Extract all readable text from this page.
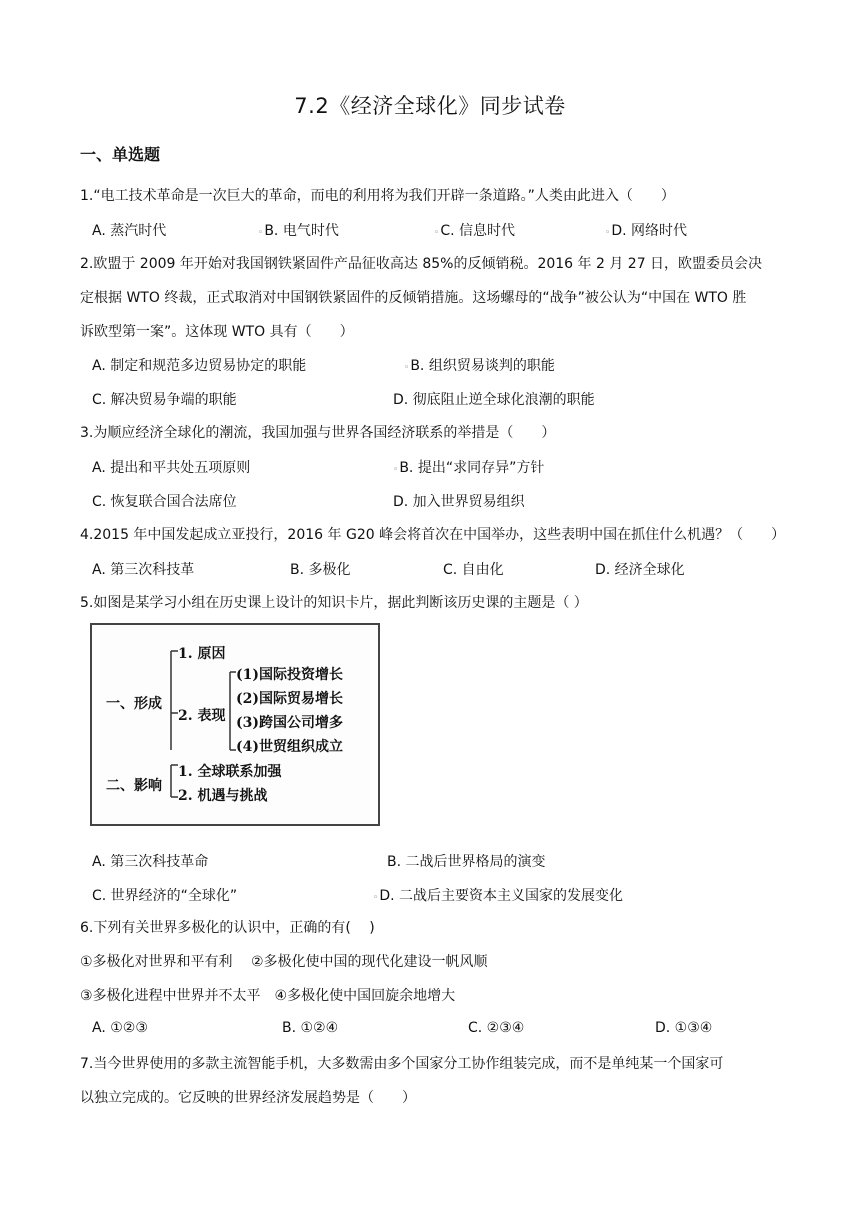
7.2《经济全球化》同步试卷
一、单选题
1.“电工技术革命是一次巨大的革命，而电的利用将为我们开辟一条道路。”人类由此进入（　　）
A. 蒸汽时代	◦B. 电气时代	◦C. 信息时代	◦D. 网络时代
2.欧盟于 2009 年开始对我国钢铁紧固件产品征收高达 85%的反倾销税。2016 年 2 月 27 日，欧盟委员会决
定根据 WTO 终裁，正式取消对中国钢铁紧固件的反倾销措施。这场螺母的“战争”被公认为“中国在 WTO 胜
诉欧型第一案”。这体现 WTO 具有（　　）
A. 制定和规范多边贸易协定的职能	◦B. 组织贸易谈判的职能
C. 解决贸易争端的职能	D. 彻底阻止逆全球化浪潮的职能
3.为顺应经济全球化的潮流，我国加强与世界各国经济联系的举措是（　　）
A. 提出和平共处五项原则	◦B. 提出“求同存异”方针
C. 恢复联合国合法席位	D. 加入世界贸易组织
4.2015 年中国发起成立亚投行，2016 年 G20 峰会将首次在中国举办，这些表明中国在抓住什么机遇？（　　）
A. 第三次科技革	B. 多极化	C. 自由化	D. 经济全球化
5.如图是某学习小组在历史课上设计的知识卡片，据此判断该历史课的主题是（ ）
一、形成
1. 原因
2. 表现
(1)国际投资增长
(2)国际贸易增长
(3)跨国公司增多
(4)世贸组织成立
二、影响
1. 全球联系加强
2. 机遇与挑战
A. 第三次科技革命	B. 二战后世界格局的演变
C. 世界经济的“全球化”	◦D. 二战后主要资本主义国家的发展变化
6.下列有关世界多极化的认识中，正确的有(　 )
①多极化对世界和平有利　 ②多极化使中国的现代化建设一帆风顺
③多极化进程中世界并不太平　④多极化使中国回旋余地增大
A. ①②③	B. ①②④	C. ②③④	D. ①③④
7.当今世界使用的多款主流智能手机，大多数需由多个国家分工协作组装完成，而不是单纯某一个国家可
以独立完成的。它反映的世界经济发展趋势是（　　）
